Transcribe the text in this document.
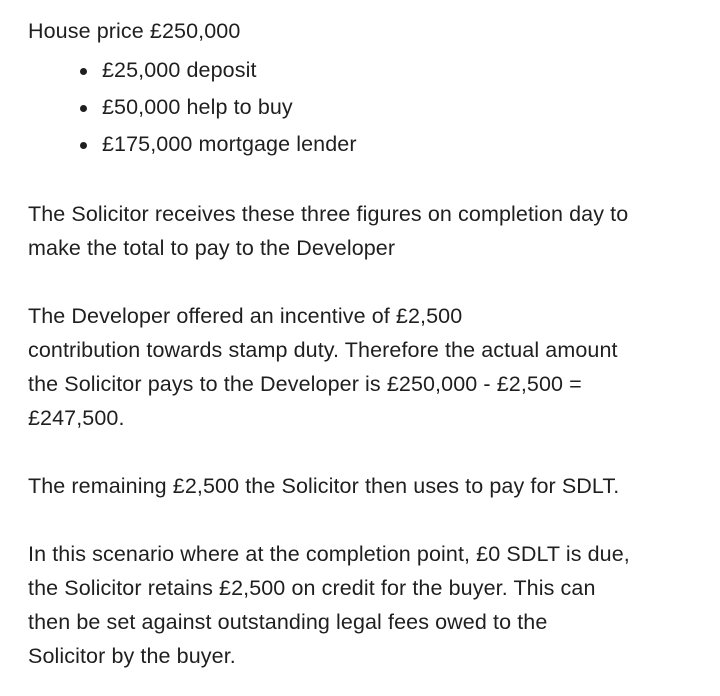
House price £250,000
£25,000 deposit
£50,000 help to buy
£175,000 mortgage lender

The Solicitor receives these three figures on completion day to
make the total to pay to the Developer

The Developer offered an incentive of £2,500
contribution towards stamp duty. Therefore the actual amount
the Solicitor pays to the Developer is £250,000 - £2,500 =
£247,500.

The remaining £2,500 the Solicitor then uses to pay for SDLT.

In this scenario where at the completion point, £0 SDLT is due,
the Solicitor retains £2,500 on credit for the buyer. This can
then be set against outstanding legal fees owed to the
Solicitor by the buyer.
